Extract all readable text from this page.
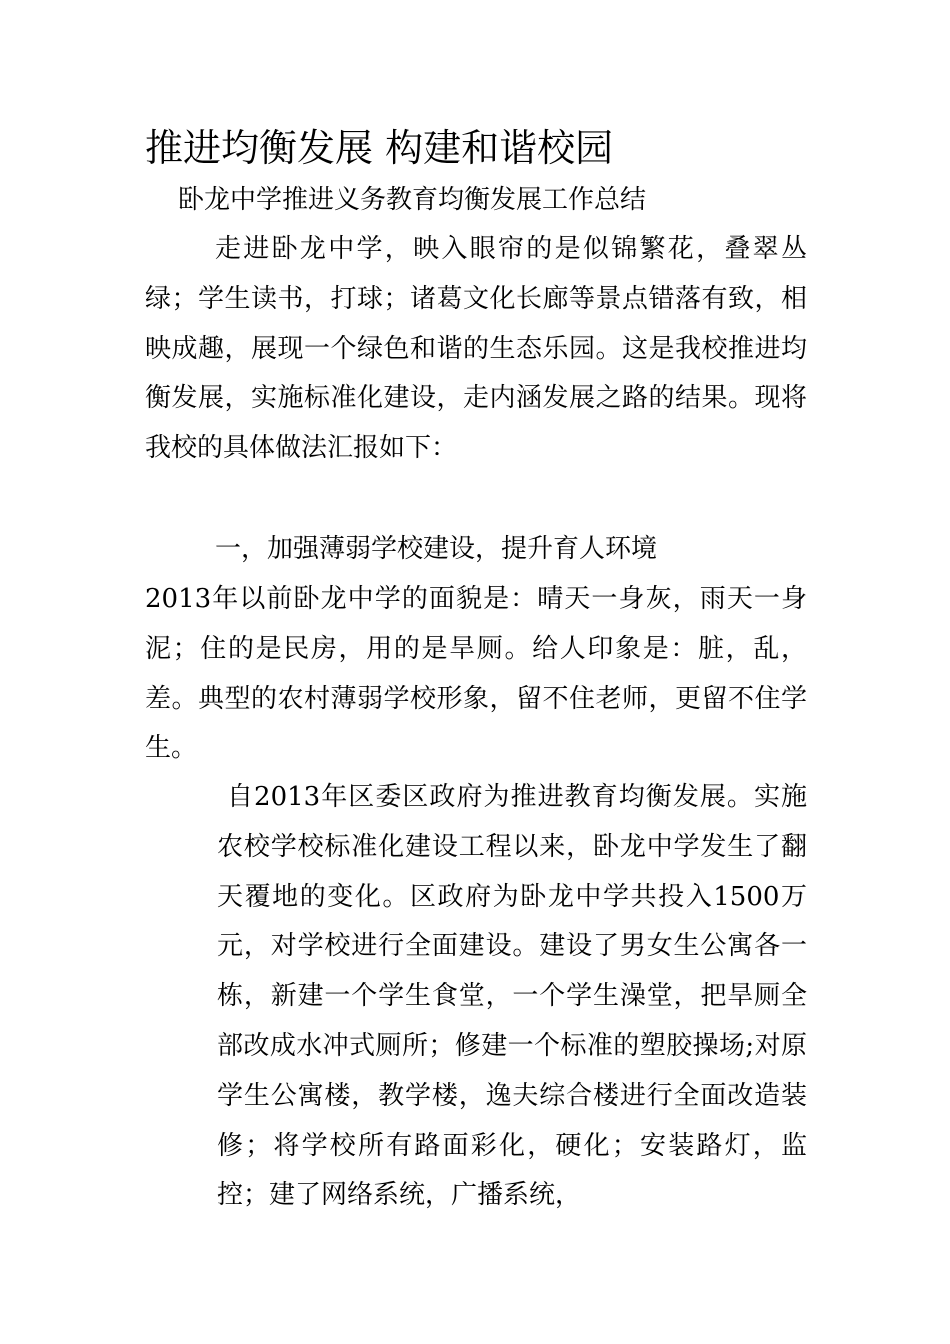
推进均衡发展 构建和谐校园
卧龙中学推进义务教育均衡发展工作总结

走进卧龙中学，映入眼帘的是似锦繁花，叠翠丛绿；学生读书，打球；诸葛文化长廊等景点错落有致，相映成趣，展现一个绿色和谐的生态乐园。这是我校推进均衡发展，实施标准化建设，走内涵发展之路的结果。现将我校的具体做法汇报如下：

一，加强薄弱学校建设，提升育人环境

2013年以前卧龙中学的面貌是：晴天一身灰，雨天一身泥；住的是民房，用的是旱厕。给人印象是：脏，乱，差。典型的农村薄弱学校形象，留不住老师，更留不住学生。

自2013年区委区政府为推进教育均衡发展。实施农校学校标准化建设工程以来，卧龙中学发生了翻天覆地的变化。区政府为卧龙中学共投入1500万元，对学校进行全面建设。建设了男女生公寓各一栋，新建一个学生食堂，一个学生澡堂，把旱厕全部改成水冲式厕所；修建一个标准的塑胶操场;对原学生公寓楼，教学楼，逸夫综合楼进行全面改造装修；将学校所有路面彩化，硬化；安装路灯，监控；建了网络系统，广播系统，
